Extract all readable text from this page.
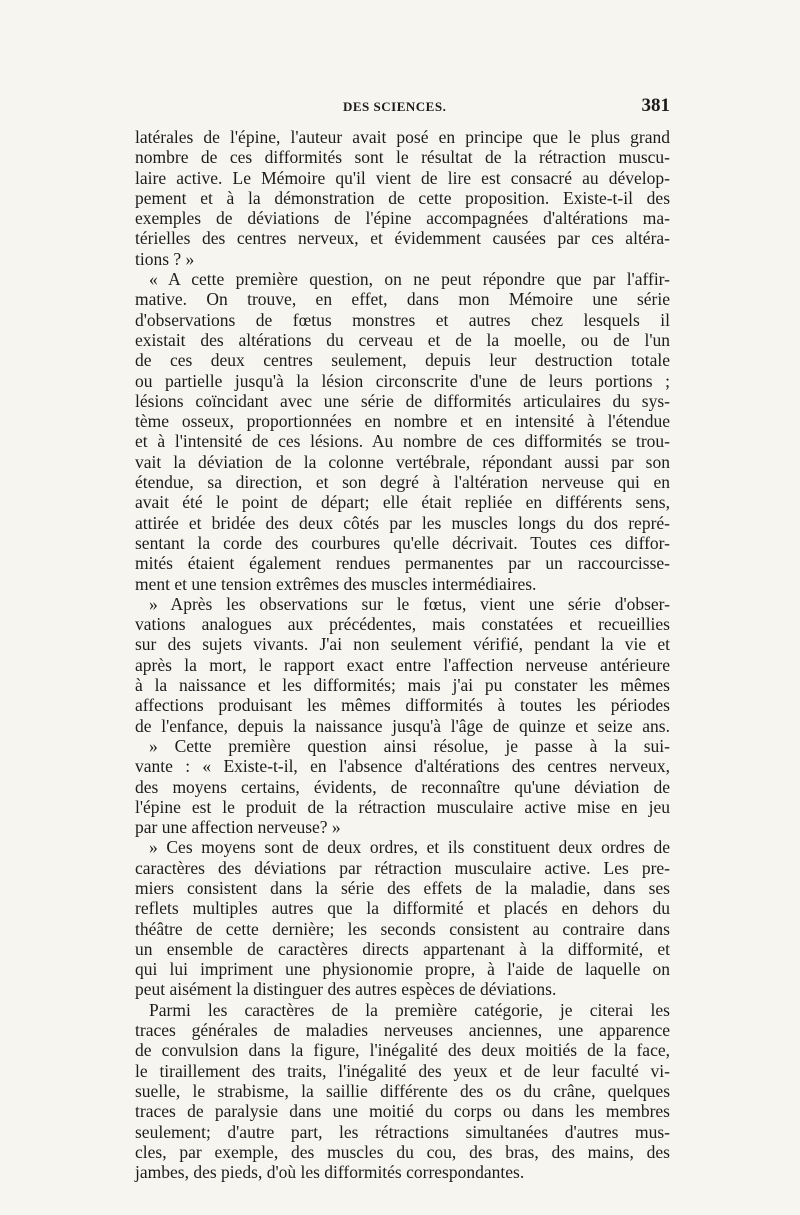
DES SCIENCES.	381
latérales de l'épine, l'auteur avait posé en principe que le plus grand
nombre de ces difformités sont le résultat de la rétraction muscu-
laire active. Le Mémoire qu'il vient de lire est consacré au dévelop-
pement et à la démonstration de cette proposition. Existe-t-il des
exemples de déviations de l'épine accompagnées d'altérations ma-
térielles des centres nerveux, et évidemment causées par ces altéra-
tions ? »
« A cette première question, on ne peut répondre que par l'affir-
mative. On trouve, en effet, dans mon Mémoire une série
d'observations de fœtus monstres et autres chez lesquels il
existait des altérations du cerveau et de la moelle, ou de l'un
de ces deux centres seulement, depuis leur destruction totale
ou partielle jusqu'à la lésion circonscrite d'une de leurs portions ;
lésions coïncidant avec une série de difformités articulaires du sys-
tème osseux, proportionnées en nombre et en intensité à l'étendue
et à l'intensité de ces lésions. Au nombre de ces difformités se trou-
vait la déviation de la colonne vertébrale, répondant aussi par son
étendue, sa direction, et son degré à l'altération nerveuse qui en
avait été le point de départ; elle était repliée en différents sens,
attirée et bridée des deux côtés par les muscles longs du dos repré-
sentant la corde des courbures qu'elle décrivait. Toutes ces diffor-
mités étaient également rendues permanentes par un raccourcisse-
ment et une tension extrêmes des muscles intermédiaires.
» Après les observations sur le fœtus, vient une série d'obser-
vations analogues aux précédentes, mais constatées et recueillies
sur des sujets vivants. J'ai non seulement vérifié, pendant la vie et
après la mort, le rapport exact entre l'affection nerveuse antérieure
à la naissance et les difformités; mais j'ai pu constater les mêmes
affections produisant les mêmes difformités à toutes les périodes
de l'enfance, depuis la naissance jusqu'à l'âge de quinze et seize ans.
» Cette première question ainsi résolue, je passe à la sui-
vante : « Existe-t-il, en l'absence d'altérations des centres nerveux,
des moyens certains, évidents, de reconnaître qu'une déviation de
l'épine est le produit de la rétraction musculaire active mise en jeu
par une affection nerveuse? »
» Ces moyens sont de deux ordres, et ils constituent deux ordres de
caractères des déviations par rétraction musculaire active. Les pre-
miers consistent dans la série des effets de la maladie, dans ses
reflets multiples autres que la difformité et placés en dehors du
théâtre de cette dernière; les seconds consistent au contraire dans
un ensemble de caractères directs appartenant à la difformité, et
qui lui impriment une physionomie propre, à l'aide de laquelle on
peut aisément la distinguer des autres espèces de déviations.
Parmi les caractères de la première catégorie, je citerai les
traces générales de maladies nerveuses anciennes, une apparence
de convulsion dans la figure, l'inégalité des deux moitiés de la face,
le tiraillement des traits, l'inégalité des yeux et de leur faculté vi-
suelle, le strabisme, la saillie différente des os du crâne, quelques
traces de paralysie dans une moitié du corps ou dans les membres
seulement; d'autre part, les rétractions simultanées d'autres mus-
cles, par exemple, des muscles du cou, des bras, des mains, des
jambes, des pieds, d'où les difformités correspondantes.
